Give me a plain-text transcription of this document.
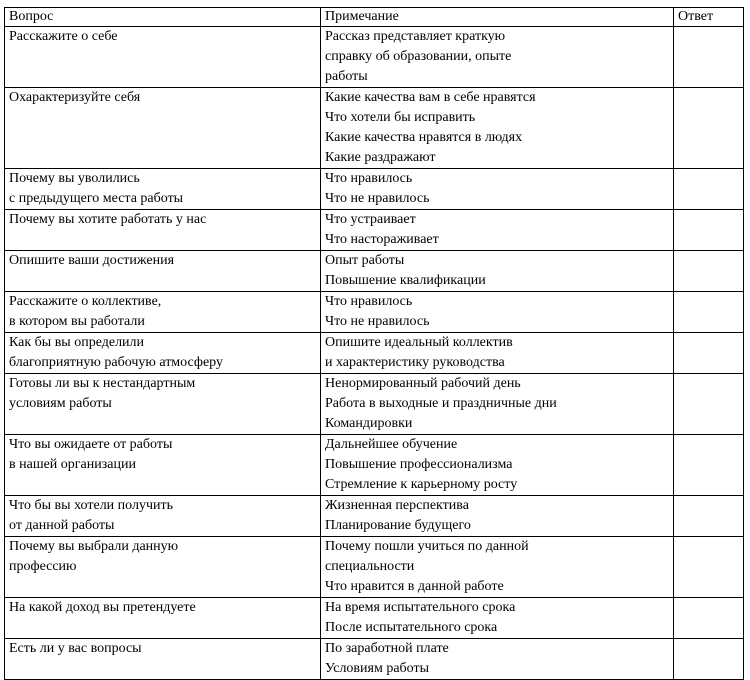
Вопрос	Примечание	Ответ

Расскажите о себе	Рассказ представляет краткую
справку об образовании, опыте
работы	

Охарактеризуйте себя	Какие качества вам в себе нравятся
Что хотели бы исправить
Какие качества нравятся в людях
Какие раздражают	

Почему вы уволились
с предыдущего места работы	Что нравилось
Что не нравилось	

Почему вы хотите работать у нас	Что устраивает
Что настораживает	

Опишите ваши достижения	Опыт работы
Повышение квалификации	

Расскажите о коллективе,
в котором вы работали	Что нравилось
Что не нравилось	

Как бы вы определили
благоприятную рабочую атмосферу	Опишите идеальный коллектив
и характеристику руководства	

Готовы ли вы к нестандартным
условиям работы	Ненормированный рабочий день
Работа в выходные и праздничные дни
Командировки	

Что вы ожидаете от работы
в нашей организации	Дальнейшее обучение
Повышение профессионализма
Стремление к карьерному росту	

Что бы вы хотели получить
от данной работы	Жизненная перспектива
Планирование будущего	

Почему вы выбрали данную
профессию	Почему пошли учиться по данной
специальности
Что нравится в данной работе	

На какой доход вы претендуете	На время испытательного срока
После испытательного срока	

Есть ли у вас вопросы	По заработной плате
Условиям работы	
